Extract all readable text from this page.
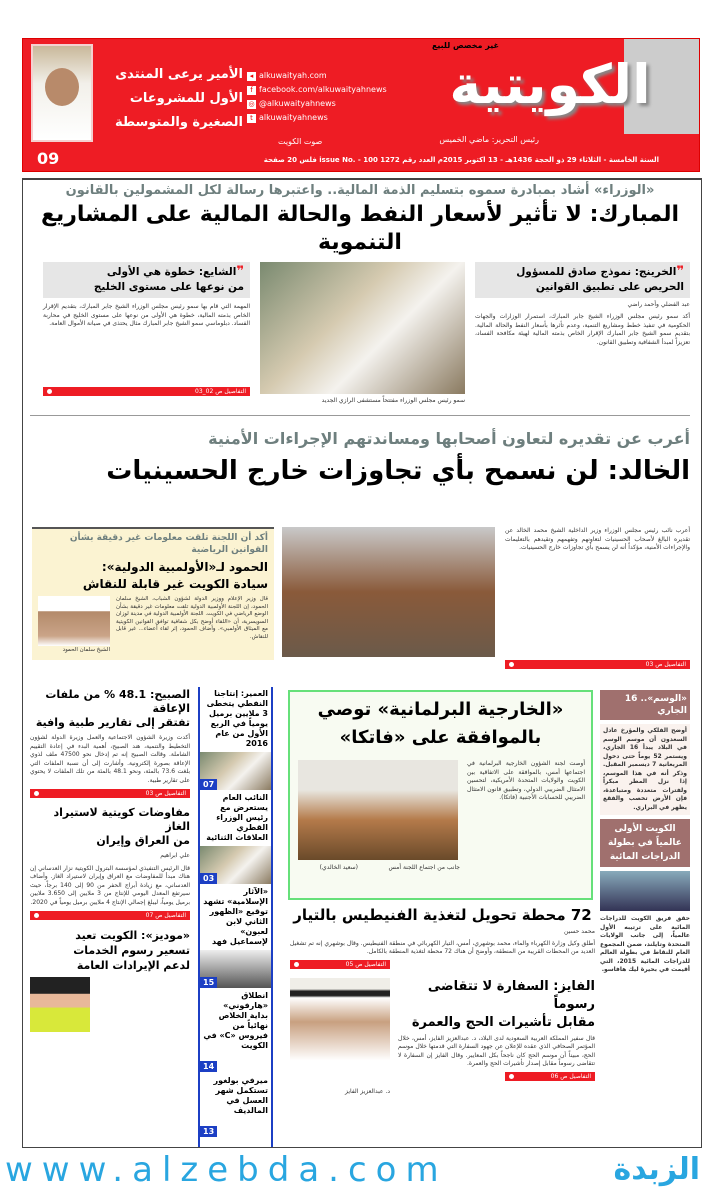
الكويتية
غير مخصص للبيع
رئيس التحرير: ماضي الخميس
صوت الكويت
السنة الخامسة - الثلاثاء 29 ذو الحجة 1436هـ - 13 اكتوبر 2015م العدد رقم 1272 issue No. - 100 فلس 20 صفحة
◂ alkuwaityah.com
f facebook.com/alkuwaityahnews
◎ @alkuwaityahnews
t alkuwaityahnews
الأمير يرعى المنتدى
الأول للمشروعات
الصغيرة والمتوسطة
09
«الوزراء» أشاد بمبادرة سموه بتسليم الذمة المالية.. واعتبرها رسالة لكل المشمولين بالقانون
المبارك: لا تأثير لأسعار النفط والحالة المالية على المشاريع التنموية
❞الخرينج: نموذج صادق للمسؤول
الحريص على تطبيق القوانين
❞الشايع: خطوة هي الأولى
من نوعها على مستوى الخليج
سمو رئيس مجلس الوزراء مفتتحاً مستشفى الرازي الجديد
عبد الفضلي وأحمد راضي
أكد سمو رئيس مجلس الوزراء الشيخ جابر المبارك، استمرار الوزارات والجهات الحكومية في تنفيذ خطط ومشاريع التنمية، وعدم تأثرها بأسعار النفط والحالة المالية. بتقديم سمو الشيخ جابر المبارك الإقرار الخاص بذمته المالية لهيئة مكافحة الفساد، تعزيزاً لمبدأ الشفافية وتطبيق القانون.
المهمة التي قام بها سمو رئيس مجلس الوزراء الشيخ جابر المبارك، بتقديم الإقرار الخاص بذمته المالية، خطوة هي الأولى من نوعها على مستوى الخليج في محاربة الفساد. دبلوماسي سمو الشيخ جابر المبارك مثال يحتذى في صيانة الأموال العامة.
التفاصيل ص 02_03
أعرب عن تقديره لتعاون أصحابها ومساندتهم الإجراءات الأمنية
الخالد: لن نسمح بأي تجاوزات خارج الحسينيات
أعرب نائب رئيس مجلس الوزراء وزير الداخلية الشيخ محمد الخالد عن تقديره البالغ لأصحاب الحسينيات لتعاونهم وتفهمهم وتقيدهم بالتعليمات والإجراءات الأمنية، مؤكداً أنه لن يسمح بأي تجاوزات خارج الحسينيات.
التفاصيل ص 03
أكد أن اللجنة تلقت معلومات غير دقيقة بشأن القوانين الرياضية
الحمود لـ«الأولمبية الدولية»:
سيادة الكويت غير قابلة للنقاش
قال وزير الإعلام ووزير الدولة لشؤون الشباب، الشيخ سلمان الحمود، إن اللجنة الأولمبية الدولية تلقت معلومات غير دقيقة بشأن الوضع الرياضي في الكويت. اللجنة الأولمبية الدولية في مدينة لوزان السويسرية، أن «اللقاء أوضح بكل شفافية توافق القوانين الكويتية مع الميثاق الأولمبي». وأضاف الحمود، إثر لقاء أعضاء... غير قابل للنقاش.
الشيخ سلمان الحمود
الصبيح: 48.1 % من ملفات الإعاقة
تفتقر إلى تقارير طبية وافية
أكدت وزيرة الشؤون الاجتماعية والعمل وزيرة الدولة لشؤون التخطيط والتنمية، هند الصبيح، أهمية البدء في إعادة التقييم الشاملة. وقالت الصبيح إنه تم إدخال نحو 47500 ملف لذوي الإعاقة بصورة إلكترونية. وأشارت إلى أن نسبة الملفات التي بلغت 73.6 بالمئة، ونحو 48.1 بالمئة من تلك الملفات لا يحتوي على تقارير طبية.
التفاصيل ص 03
مفاوضات كويتية لاستيراد الغاز
من العراق وإيران
علي ابراهيم
قال الرئيس التنفيذي لمؤسسة البترول الكويتية نزار العدساني إن هناك مبدأ للمفاوضات مع العراق وإيران لاستيراد الغاز. وأضاف العدساني، مع زيادة أبراج الحفر من 90 إلى 140 برجاً، حيث سيرتفع المعدل اليومي للإنتاج من 3 ملايين إلى 3.650 ملايين برميل يومياً، ليبلغ إجمالي الإنتاج 4 ملايين برميل يومياً في 2020.
التفاصيل ص 07
«موديز»: الكويت تعيد
تسعير رسوم الخدمات
لدعم الإيرادات العامة
العمير: إنتاجنا النفطي يتخطى 3 ملايين برميل يومياً في الربع الأول من عام 2016
07
النائب العام يستعرض مع رئيس الوزراء القطري العلاقات الثنائية
03
«الآثار الإسلامية» تشهد توقيع «الظهور الثاني لابن لعبون» لإسماعيل فهد
15
انطلاق «هارفوني» بداية الخلاص نهائياً من فيروس «C» في الكويت
14
ميرفي بولغور تستكمل شهر العسل في المالديف
13
«الخارجية البرلمانية» توصي
بالموافقة على «فاتكا»
(سعيد الخالدي)	جانب من اجتماع اللجنة أمس
أوصت لجنة الشؤون الخارجية البرلمانية في اجتماعها أمس، بالموافقة على الاتفاقية بين الكويت والولايات المتحدة الأمريكية، لتحسين الامتثال الضريبي الدولي، وتطبيق قانون الامتثال الضريبي للحسابات الأجنبية (فاتكا).
«الوسم».. 16 الجاري
أوضح الفلكي والمؤرخ عادل السعدون أن موسم الوسم في البلاد يبدأ 16 الجاري، ويستمر 52 يوماً حتى دخول المربعانية 7 ديسمبر المقبل. وذكر أنه في هذا الموسم، إذا نزل المطر مبكراً ولفترات متعددة ومتباعدة، فإن الأرض تخصب والفقع يظهر في البراري.
الكويت الأولى عالمياً في بطولة الدراجات المائية
حقق فريق الكويت للدراجات المائية على ترتيبه الأول عالمياً، إلى جانب الولايات المتحدة وتايلند، ضمن المجموع العام للنقاط في بطولة العالم للدراجات المائية 2015، التي أقيمت في بحيرة ليك هافاسو.
72 محطة تحويل لتغذية الفنيطيس بالتيار
محمد حسين
أطلق وكيل وزارة الكهرباء والماء، محمد بوشهري، أمس، التيار الكهربائي في منطقة الفنيطيس. وقال بوشهري إنه تم تشغيل العديد من المحطات القريبة من المنطقة، وأوضح أن هناك 72 محطة لتغذية المنطقة بالكامل.
التفاصيل ص 05
الفايز: السفارة لا تتقاضى رسوماً
مقابل تأشيرات الحج والعمرة
قال سفير المملكة العربية السعودية لدى البلاد، د. عبدالعزيز الفايز، أمس، خلال المؤتمر الصحافي الذي عقده للإعلان عن جهود السفارة التي قدمتها خلال موسم الحج، مبيناً أن موسم الحج كان ناجحاً بكل المعايير. وقال الفايز إن السفارة لا تتقاضى رسوماً مقابل إصدار تأشيرات الحج والعمرة.
التفاصيل ص 06
د. عبدالعزيز الفايز
www.alzebda.com	الزبدة
